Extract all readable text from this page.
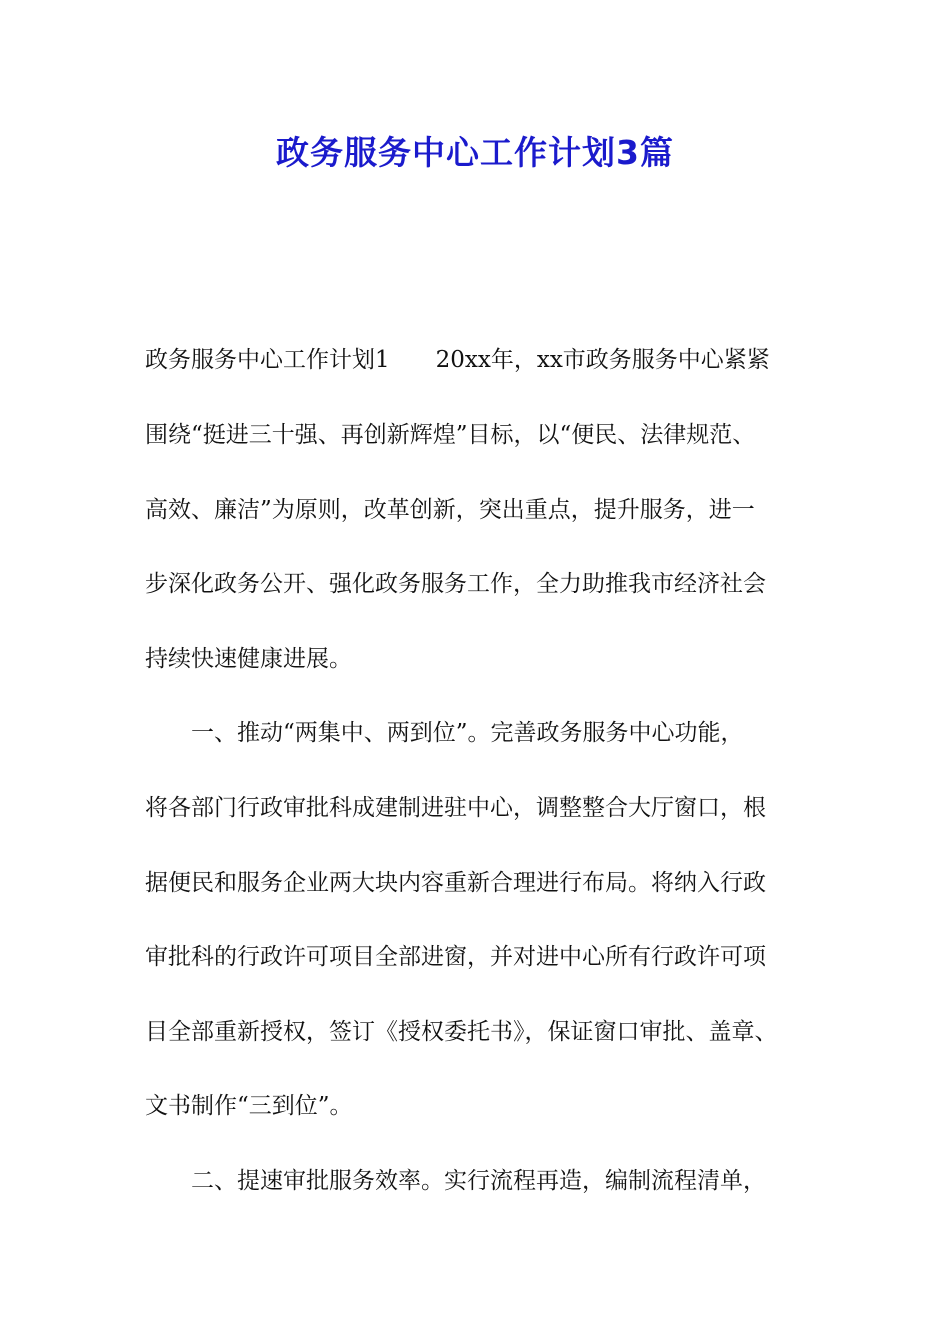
政务服务中心工作计划3篇

政务服务中心工作计划1　　20xx年，xx市政务服务中心紧紧

围绕“挺进三十强、再创新辉煌”目标，以“便民、法律规范、

高效、廉洁”为原则，改革创新，突出重点，提升服务，进一

步深化政务公开、强化政务服务工作，全力助推我市经济社会

持续快速健康进展。

　　一、推动“两集中、两到位”。完善政务服务中心功能，

将各部门行政审批科成建制进驻中心，调整整合大厅窗口，根

据便民和服务企业两大块内容重新合理进行布局。将纳入行政

审批科的行政许可项目全部进窗，并对进中心所有行政许可项

目全部重新授权，签订《授权委托书》，保证窗口审批、盖章、

文书制作“三到位”。

　　二、提速审批服务效率。实行流程再造，编制流程清单，
